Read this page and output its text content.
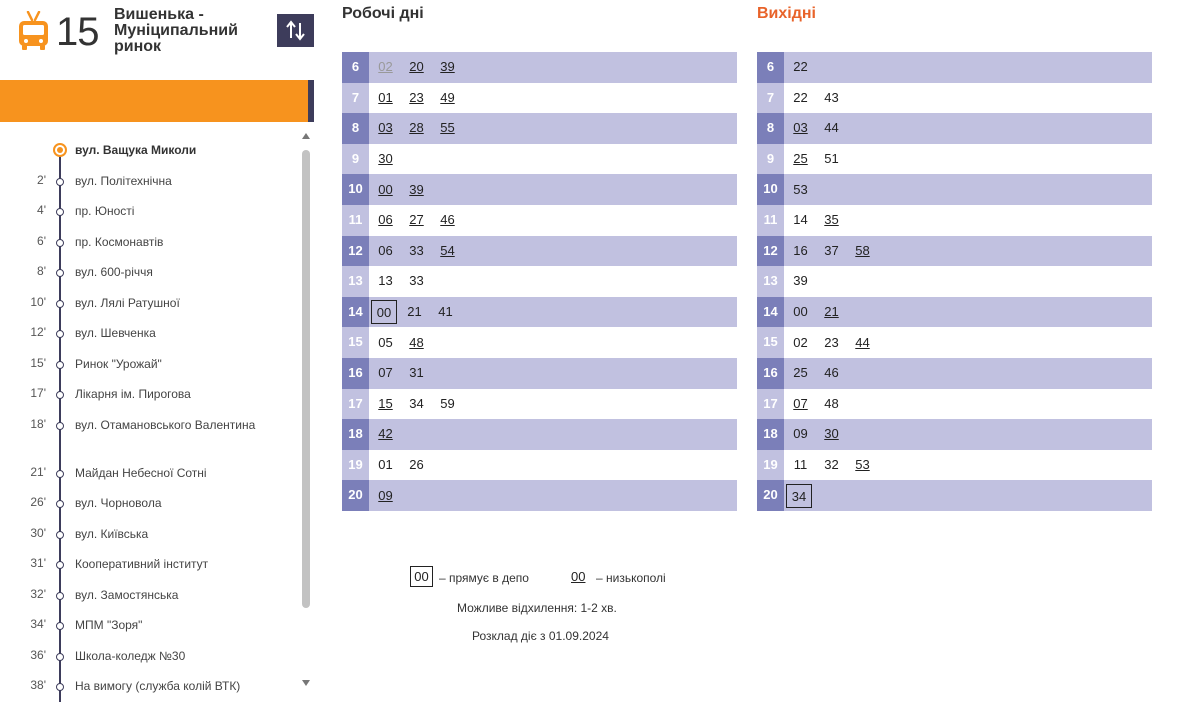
15 Вишенька - Муніципальний ринок
вул. Ващука Миколи
2' вул. Політехнічна
4' пр. Юності
6' пр. Космонавтів
8' вул. 600-річчя
10' вул. Лялі Ратушної
12' вул. Шевченка
15' Ринок "Урожай"
17' Лікарня ім. Пирогова
18' вул. Отамановського Валентина
21' Майдан Небесної Сотні
26' вул. Чорновола
30' вул. Київська
31' Кооперативний інститут
32' вул. Замостянська
34' МПМ "Зоря"
36' Школа-коледж №30
38' На вимогу (служба колій ВТК)
Робочі дні	Вихідні
6	02	20	39
7	01	23	49
8	03	28	55
9	30
10	00	39
11	06	27	46
12	06	33	54
13	13	33
14	00	21	41
15	05	48
16	07	31
17	15	34	59
18	42
19	01	26
20	09
6	22
7	22	43
8	03	44
9	25	51
10	53
11	14	35
12	16	37	58
13	39
14	00	21
15	02	23	44
16	25	46
17	07	48
18	09	30
19	11	32	53
20	34
00 – прямує в депо	00 – низькополі
Можливе відхилення: 1-2 хв.
Розклад діє з 01.09.2024
